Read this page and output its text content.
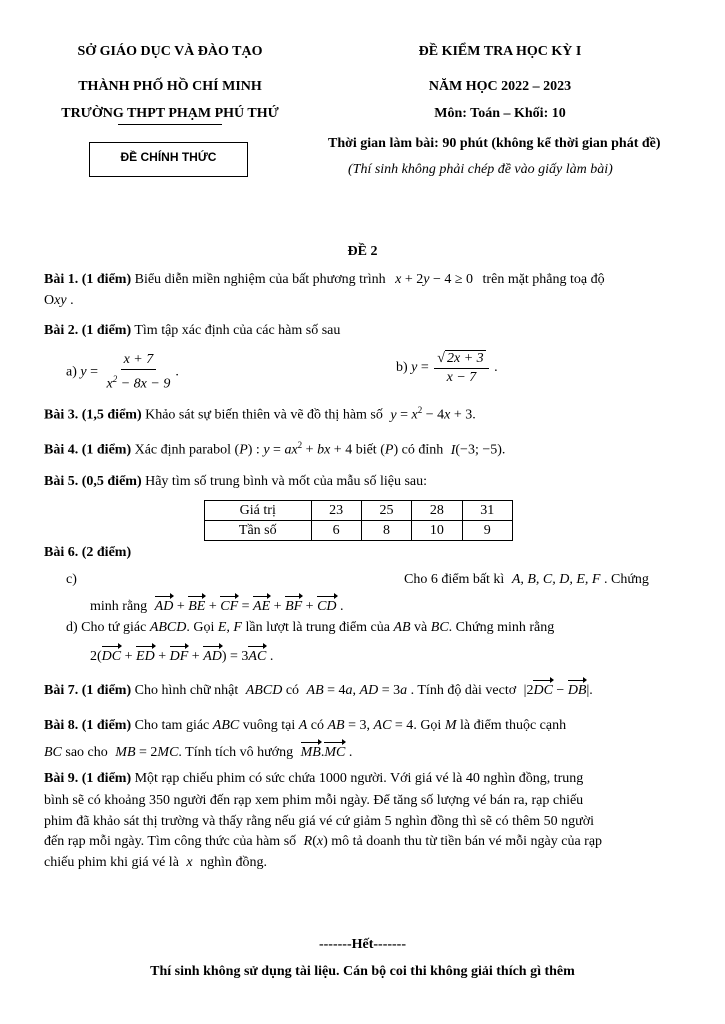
SỞ GIÁO DỤC VÀ ĐÀO TẠO
THÀNH PHỐ HỒ CHÍ MINH
TRƯỜNG THPT PHẠM PHÚ THỨ
ĐỀ CHÍNH THỨC
ĐỀ KIỂM TRA HỌC KỲ I
NĂM HỌC 2022 – 2023
Môn: Toán – Khối: 10
Thời gian làm bài: 90 phút (không kể thời gian phát đề)
(Thí sinh không phải chép đề vào giấy làm bài)
ĐỀ 2
Bài 1. (1 điểm) Biểu diễn miền nghiệm của bất phương trình x + 2y − 4 ≥ 0 trên mặt phẳng toạ độ
Oxy .
Bài 2. (1 điểm) Tìm tập xác định của các hàm số sau
a) $y = \frac{x + 7}{x^2 - 8x - 9}$ .	b) $y = \frac{√ 2x + 3}{x - 7}$ .
Bài 3. (1,5 điểm) Khảo sát sự biến thiên và vẽ đồ thị hàm số $y = x^2 - 4x + 3$.
Bài 4. (1 điểm) Xác định parabol (P) : $y = ax^2$ + bx + 4 biết (P) có đỉnh I(−3; −5).
Bài 5. (0,5 điểm) Hãy tìm số trung bình và mốt của mẫu số liệu sau:
Giá trị	23	25	28	31
Tần số	6	8	10	9
Bài 6. (2 điểm)
c)	Cho 6 điểm bất kì A, B, C, D, E, F . Chứng
minh rằng AD + BE + CF = AE + BF + CD .
d) Cho tứ giác ABCD. Gọi E, F lần lượt là trung điểm của AB và BC. Chứng minh rằng
2(DC + ED + DF + AD) = 3AC .
Bài 7. (1 điểm) Cho hình chữ nhật ABCD có AB = 4a, AD = 3a . Tính độ dài vectơ |2DC − DB|.
Bài 8. (1 điểm) Cho tam giác ABC vuông tại A có AB = 3, AC = 4. Gọi M là điểm thuộc cạnh
BC sao cho MB = 2MC. Tính tích vô hướng MB.MC .
Bài 9. (1 điểm) Một rạp chiếu phim có sức chứa 1000 người. Với giá vé là 40 nghìn đồng, trung
bình sẽ có khoảng 350 người đến rạp xem phim mỗi ngày. Để tăng số lượng vé bán ra, rạp chiếu
phim đã khảo sát thị trường và thấy rằng nếu giá vé cứ giảm 5 nghìn đồng thì sẽ có thêm 50 người
đến rạp mỗi ngày. Tìm công thức của hàm số R(x) mô tả doanh thu từ tiền bán vé mỗi ngày của rạp
chiếu phim khi giá vé là x nghìn đồng.
-------Hết-------
Thí sinh không sử dụng tài liệu. Cán bộ coi thi không giải thích gì thêm
